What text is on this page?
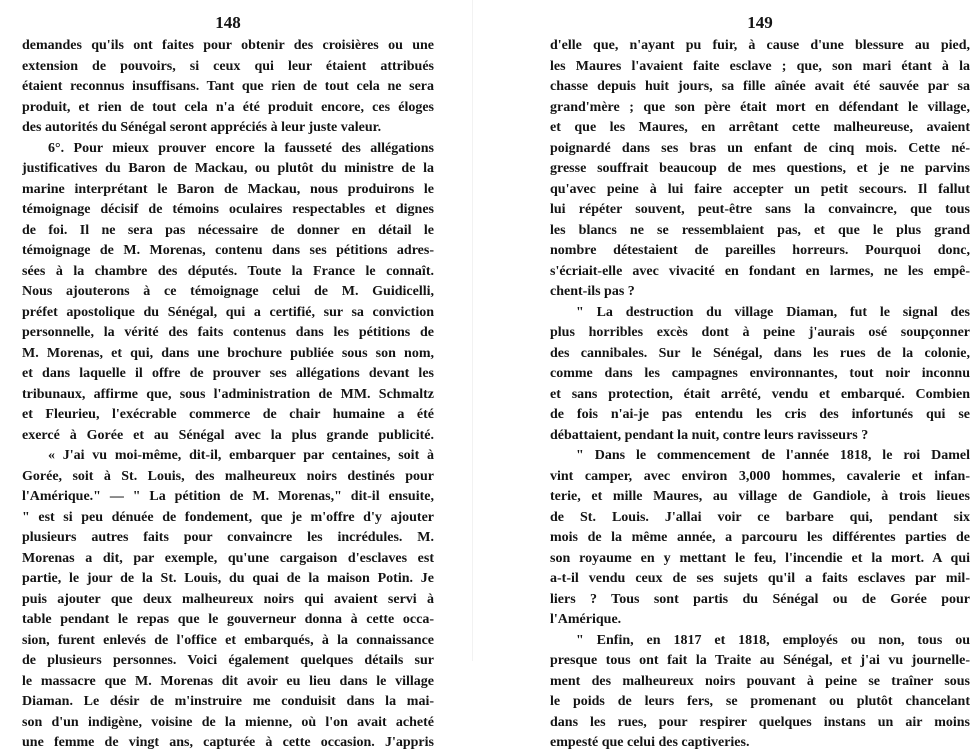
148
demandes qu'ils ont faites pour obtenir des croisières ou une
extension de pouvoirs, si ceux qui leur étaient attribués
étaient reconnus insuffisans. Tant que rien de tout cela ne sera
produit, et rien de tout cela n'a été produit encore, ces éloges
des autorités du Sénégal seront appréciés à leur juste valeur.
6°. Pour mieux prouver encore la fausseté des allégations
justificatives du Baron de Mackau, ou plutôt du ministre de la
marine interprétant le Baron de Mackau, nous produirons le
témoignage décisif de témoins oculaires respectables et dignes
de foi. Il ne sera pas nécessaire de donner en détail le
témoignage de M. Morenas, contenu dans ses pétitions adres-
sées à la chambre des députés. Toute la France le connaît.
Nous ajouterons à ce témoignage celui de M. Guidicelli,
préfet apostolique du Sénégal, qui a certifié, sur sa conviction
personnelle, la vérité des faits contenus dans les pétitions de
M. Morenas, et qui, dans une brochure publiée sous son nom,
et dans laquelle il offre de prouver ses allégations devant les
tribunaux, affirme que, sous l'administration de MM. Schmaltz
et Fleurieu, l'exécrable commerce de chair humaine a été
exercé à Gorée et au Sénégal avec la plus grande publicité.
« J'ai vu moi-même, dit-il, embarquer par centaines, soit à
Gorée, soit à St. Louis, des malheureux noirs destinés pour
l'Amérique." — " La pétition de M. Morenas," dit-il ensuite,
" est si peu dénuée de fondement, que je m'offre d'y ajouter
plusieurs autres faits pour convaincre les incrédules. M.
Morenas a dit, par exemple, qu'une cargaison d'esclaves est
partie, le jour de la St. Louis, du quai de la maison Potin. Je
puis ajouter que deux malheureux noirs qui avaient servi à
table pendant le repas que le gouverneur donna à cette occa-
sion, furent enlevés de l'office et embarqués, à la connaissance
de plusieurs personnes. Voici également quelques détails sur
le massacre que M. Morenas dit avoir eu lieu dans le village
Diaman. Le désir de m'instruire me conduisit dans la mai-
son d'un indigène, voisine de la mienne, où l'on avait acheté
une femme de vingt ans, capturée à cette occasion. J'appris
149
d'elle que, n'ayant pu fuir, à cause d'une blessure au pied,
les Maures l'avaient faite esclave ; que, son mari étant à la
chasse depuis huit jours, sa fille aînée avait été sauvée par sa
grand'mère ; que son père était mort en défendant le village,
et que les Maures, en arrêtant cette malheureuse, avaient
poignardé dans ses bras un enfant de cinq mois. Cette né-
gresse souffrait beaucoup de mes questions, et je ne parvins
qu'avec peine à lui faire accepter un petit secours. Il fallut
lui répéter souvent, peut-être sans la convaincre, que tous
les blancs ne se ressemblaient pas, et que le plus grand
nombre détestaient de pareilles horreurs. Pourquoi donc,
s'écriait-elle avec vivacité en fondant en larmes, ne les empê-
chent-ils pas ?
" La destruction du village Diaman, fut le signal des
plus horribles excès dont à peine j'aurais osé soupçonner
des cannibales. Sur le Sénégal, dans les rues de la colonie,
comme dans les campagnes environnantes, tout noir inconnu
et sans protection, était arrêté, vendu et embarqué. Combien
de fois n'ai-je pas entendu les cris des infortunés qui se
débattaient, pendant la nuit, contre leurs ravisseurs ?
" Dans le commencement de l'année 1818, le roi Damel
vint camper, avec environ 3,000 hommes, cavalerie et infan-
terie, et mille Maures, au village de Gandiole, à trois lieues
de St. Louis. J'allai voir ce barbare qui, pendant six
mois de la même année, a parcouru les différentes parties de
son royaume en y mettant le feu, l'incendie et la mort. A qui
a-t-il vendu ceux de ses sujets qu'il a faits esclaves par mil-
liers ? Tous sont partis du Sénégal ou de Gorée pour
l'Amérique.
" Enfin, en 1817 et 1818, employés ou non, tous ou
presque tous ont fait la Traite au Sénégal, et j'ai vu journelle-
ment des malheureux noirs pouvant à peine se traîner sous
le poids de leurs fers, se promenant ou plutôt chancelant
dans les rues, pour respirer quelques instans un air moins
empesté que celui des captiveries.
